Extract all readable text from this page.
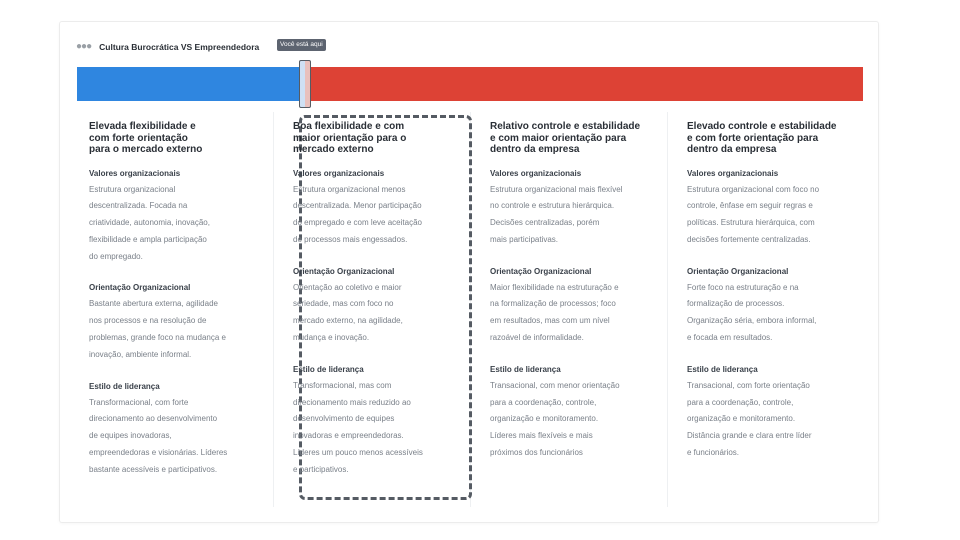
●●● Cultura Burocrática VS Empreendedora	Você está aqui
Elevada flexibilidade e
com forte orientação
para o mercado externo
Valores organizacionais
Estrutura organizacional
descentralizada. Focada na
criatividade, autonomia, inovação,
flexibilidade e ampla participação
do empregado.
Orientação Organizacional
Bastante abertura externa, agilidade
nos processos e na resolução de
problemas, grande foco na mudança e
inovação, ambiente informal.
Estilo de liderança
Transformacional, com forte
direcionamento ao desenvolvimento
de equipes inovadoras,
empreendedoras e visionárias. Líderes
bastante acessíveis e participativos.
Boa flexibilidade e com
maior orientação para o
mercado externo
Valores organizacionais
Estrutura organizacional menos
descentralizada. Menor participação
do empregado e com leve aceitação
de processos mais engessados.
Orientação Organizacional
Orientação ao coletivo e maior
seriedade, mas com foco no
mercado externo, na agilidade,
mudança e inovação.
Estilo de liderança
Transformacional, mas com
direcionamento mais reduzido ao
desenvolvimento de equipes
inovadoras e empreendedoras.
Líderes um pouco menos acessíveis
e participativos.
Relativo controle e estabilidade
e com maior orientação para
dentro da empresa
Valores organizacionais
Estrutura organizacional mais flexível
no controle e estrutura hierárquica.
Decisões centralizadas, porém
mais participativas.
Orientação Organizacional
Maior flexibilidade na estruturação e
na formalização de processos; foco
em resultados, mas com um nível
razoável de informalidade.
Estilo de liderança
Transacional, com menor orientação
para a coordenação, controle,
organização e monitoramento.
Líderes mais flexíveis e mais
próximos dos funcionários
Elevado controle e estabilidade
e com forte orientação para
dentro da empresa
Valores organizacionais
Estrutura organizacional com foco no
controle, ênfase em seguir regras e
políticas. Estrutura hierárquica, com
decisões fortemente centralizadas.
Orientação Organizacional
Forte foco na estruturação e na
formalização de processos.
Organização séria, embora informal,
e focada em resultados.
Estilo de liderança
Transacional, com forte orientação
para a coordenação, controle,
organização e monitoramento.
Distância grande e clara entre líder
e funcionários.
